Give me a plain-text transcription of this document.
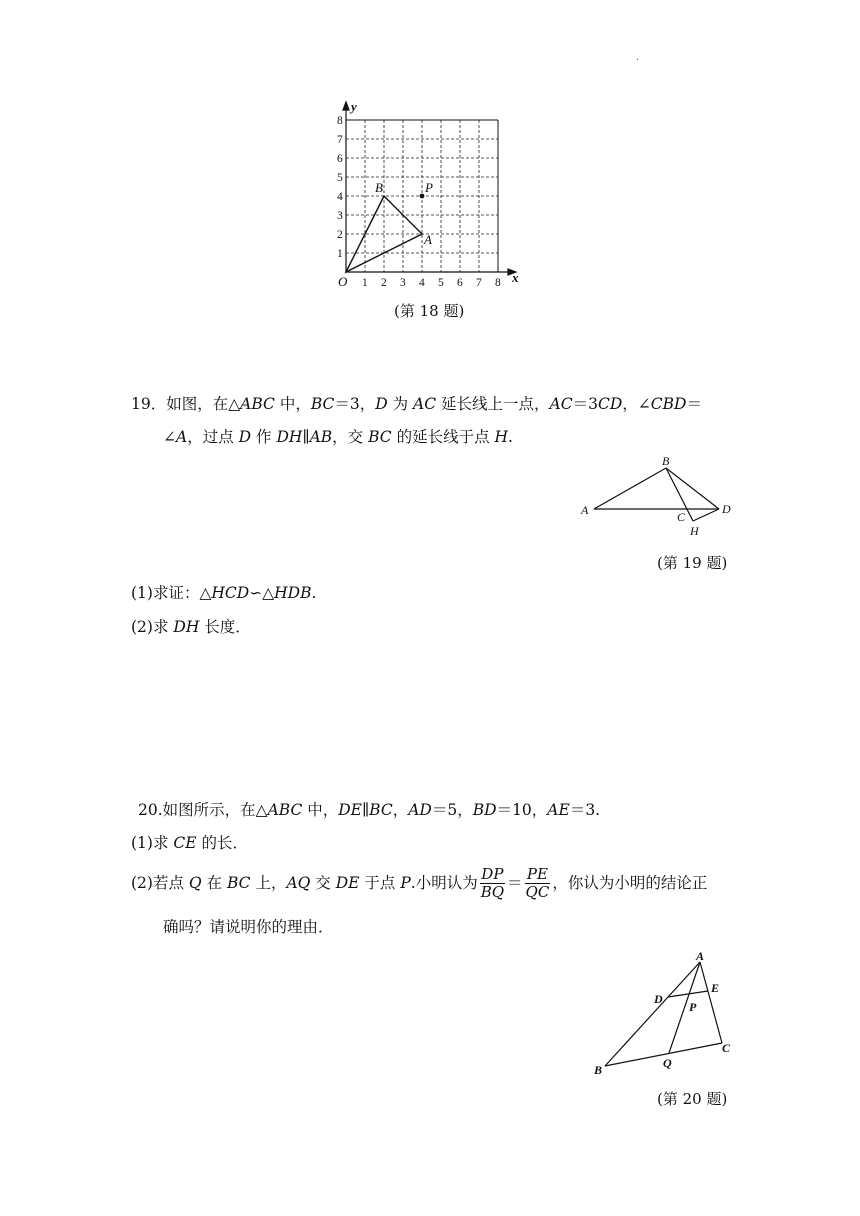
.
x
y
O 1 2 3 4 5 6 7 8
1
2
3
4
5
6
7
8
B	P
A
(第 18 题)
19．如图，在△ABC 中，BC＝3，D 为 AC 延长线上一点，AC＝3CD，∠CBD＝
∠A，过点 D 作 DH∥AB，交 BC 的延长线于点 H.
A
B
C
D
H
(第 19 题)
(1)求证：△HCD∽△HDB.
(2)求 DH 长度．
20.如图所示，在△ABC 中，DE∥BC，AD＝5，BD＝10，AE＝3.
(1)求 CE 的长．
(2)若点 Q 在 BC 上，AQ 交 DE 于点 P.小明认为 $\frac{DP}{BQ} = \frac{PE}{QC}$ ，你认为小明的结论正
确吗？请说明你的理由．
A
D
E
P
B	Q
C
(第 20 题)
